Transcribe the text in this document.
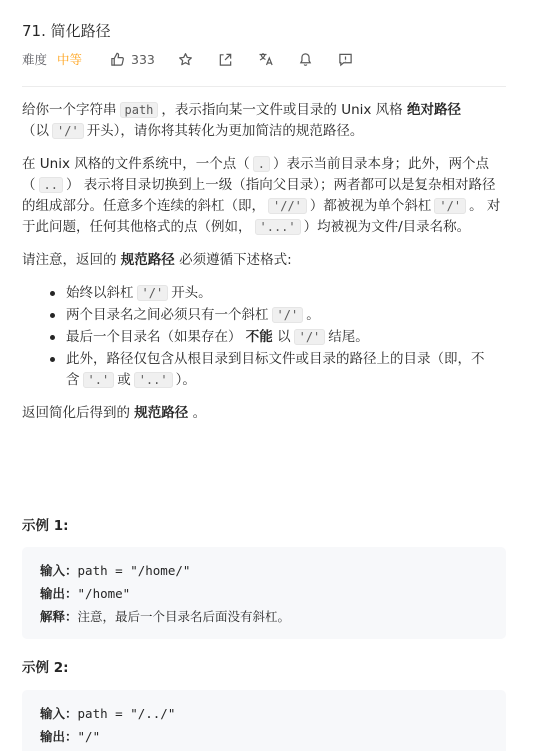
71. 简化路径
难度 中等	333

给你一个字符串 path ，表示指向某一文件或目录的 Unix 风格 绝对路径
（以 '/' 开头），请你将其转化为更加简洁的规范路径。

在 Unix 风格的文件系统中，一个点（ . ）表示当前目录本身；此外，两个点 （ .. ） 表示将目录切换到上一级（指向父目录）；两者都可以是复杂相对路径的组成部分。任意多个连续的斜杠（即， '//' ）都被视为单个斜杠 '/' 。 对于此问题，任何其他格式的点（例如， '...' ）均被视为文件/目录名称。

请注意，返回的 规范路径 必须遵循下述格式:

始终以斜杠 '/' 开头。
两个目录名之间必须只有一个斜杠 '/' 。
最后一个目录名（如果存在） 不能 以 '/' 结尾。
此外，路径仅包含从根目录到目标文件或目录的路径上的目录（即，不含 '.' 或 '..' ）。

返回简化后得到的 规范路径 。

示例 1:
输入：path = "/home/"
输出："/home"
解释：注意，最后一个目录名后面没有斜杠。
示例 2:
输入：path = "/../"
输出："/"
